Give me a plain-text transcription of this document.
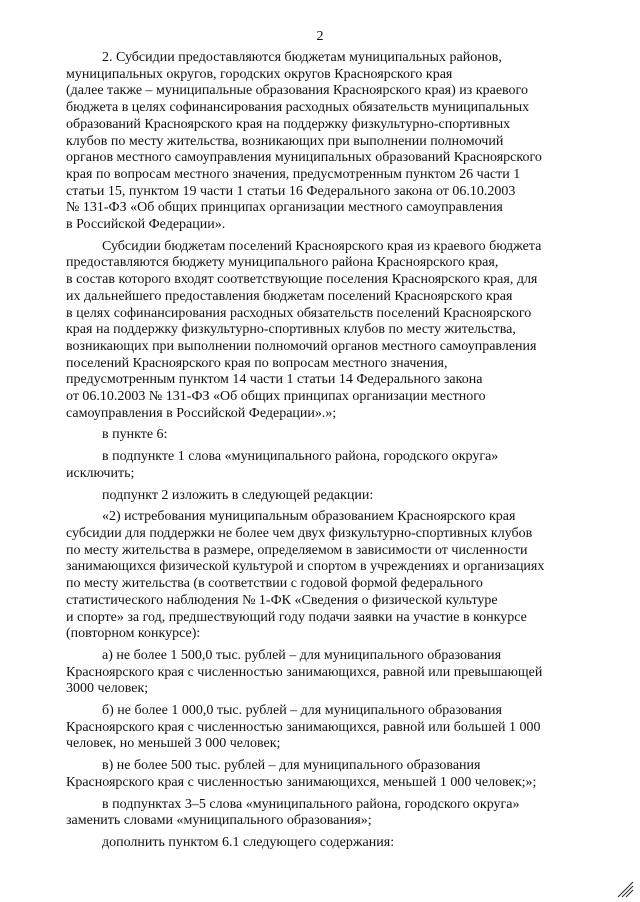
2

2. Субсидии предоставляются бюджетам муниципальных районов,
муниципальных округов, городских округов Красноярского края
(далее также – муниципальные образования Красноярского края) из краевого
бюджета в целях софинансирования расходных обязательств муниципальных
образований Красноярского края на поддержку физкультурно-спортивных
клубов по месту жительства, возникающих при выполнении полномочий
органов местного самоуправления муниципальных образований Красноярского
края по вопросам местного значения, предусмотренным пунктом 26 части 1
статьи 15, пунктом 19 части 1 статьи 16 Федерального закона от 06.10.2003
№ 131-ФЗ «Об общих принципах организации местного самоуправления
в Российской Федерации».

Субсидии бюджетам поселений Красноярского края из краевого бюджета
предоставляются бюджету муниципального района Красноярского края,
в состав которого входят соответствующие поселения Красноярского края, для
их дальнейшего предоставления бюджетам поселений Красноярского края
в целях софинансирования расходных обязательств поселений Красноярского
края на поддержку физкультурно-спортивных клубов по месту жительства,
возникающих при выполнении полномочий органов местного самоуправления
поселений Красноярского края по вопросам местного значения,
предусмотренным пунктом 14 части 1 статьи 14 Федерального закона
от 06.10.2003 № 131-ФЗ «Об общих принципах организации местного
самоуправления в Российской Федерации».»;

в пункте 6:

в подпункте 1 слова «муниципального района, городского округа»
исключить;

подпункт 2 изложить в следующей редакции:

«2) истребования муниципальным образованием Красноярского края
субсидии для поддержки не более чем двух физкультурно-спортивных клубов
по месту жительства в размере, определяемом в зависимости от численности
занимающихся физической культурой и спортом в учреждениях и организациях
по месту жительства (в соответствии с годовой формой федерального
статистического наблюдения № 1-ФК «Сведения о физической культуре
и спорте» за год, предшествующий году подачи заявки на участие в конкурсе
(повторном конкурсе):

а) не более 1 500,0 тыс. рублей – для муниципального образования
Красноярского края с численностью занимающихся, равной или превышающей
3000 человек;

б) не более 1 000,0 тыс. рублей – для муниципального образования
Красноярского края с численностью занимающихся, равной или большей 1 000
человек, но меньшей 3 000 человек;

в) не более 500 тыс. рублей – для муниципального образования
Красноярского края с численностью занимающихся, меньшей 1 000 человек;»;

в подпунктах 3–5 слова «муниципального района, городского округа»
заменить словами «муниципального образования»;

дополнить пунктом 6.1 следующего содержания:
